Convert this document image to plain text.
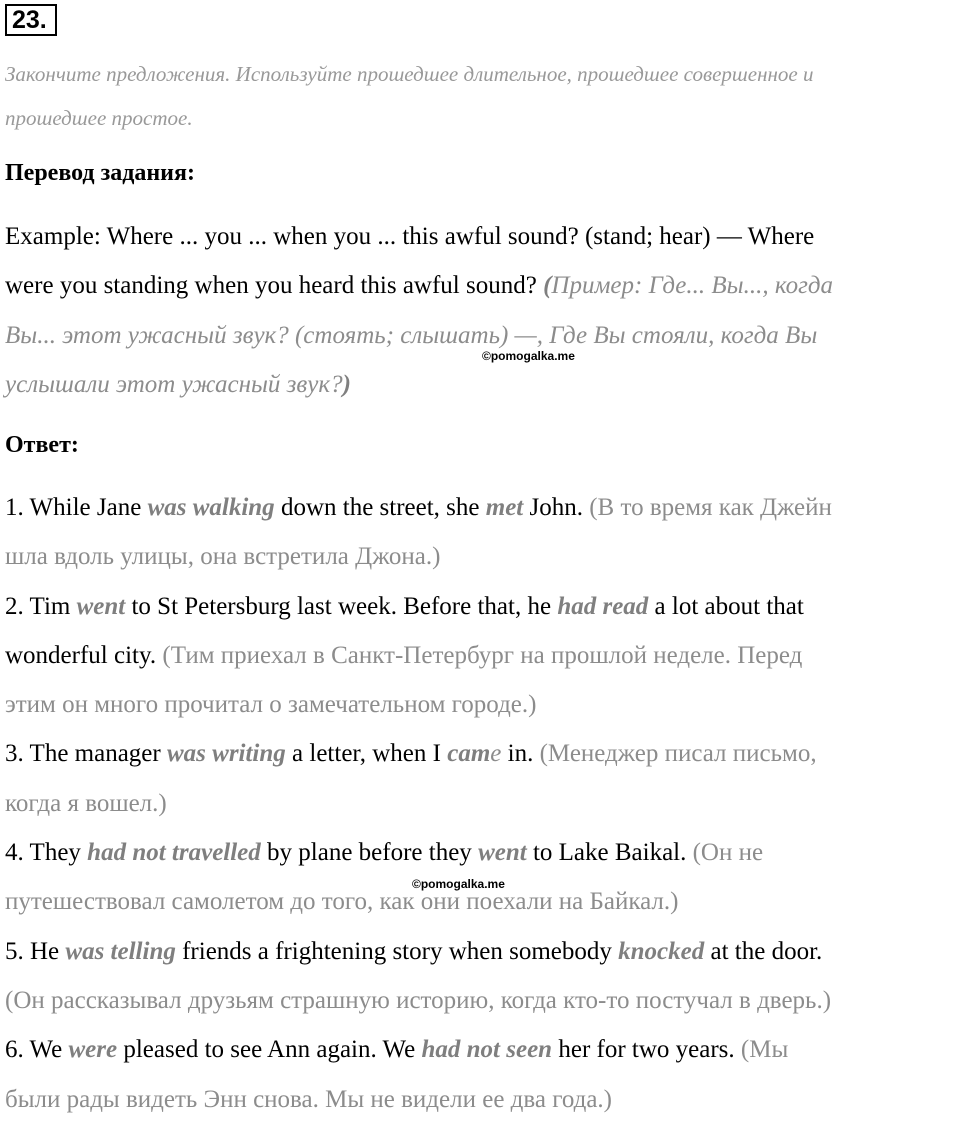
23.
Закончите предложения. Используйте прошедшее длительное, прошедшее совершенное и
прошедшее простое.
Перевод задания:
Example: Where ... you ... when you ... this awful sound? (stand; hear) — Where
were you standing when you heard this awful sound? (Пример: Где... Вы..., когда
Вы... этот ужасный звук? (стоять; слышать) —, Где Вы стояли, когда Вы
услышали этот ужасный звук?)
©pomogalka.me
Ответ:
1. While Jane was walking down the street, she met John. (В то время как Джейн
шла вдоль улицы, она встретила Джона.)
2. Tim went to St Petersburg last week. Before that, he had read a lot about that
wonderful city. (Тим приехал в Санкт-Петербург на прошлой неделе. Перед
этим он много прочитал о замечательном городе.)
3. The manager was writing a letter, when I came in. (Менеджер писал письмо,
когда я вошел.)
4. They had not travelled by plane before they went to Lake Baikal. (Он не
путешествовал самолетом до того, как они поехали на Байкал.)
5. He was telling friends a frightening story when somebody knocked at the door.
(Он рассказывал друзьям страшную историю, когда кто-то постучал в дверь.)
6. We were pleased to see Ann again. We had not seen her for two years. (Мы
были рады видеть Энн снова. Мы не видели ее два года.)
©pomogalka.me
